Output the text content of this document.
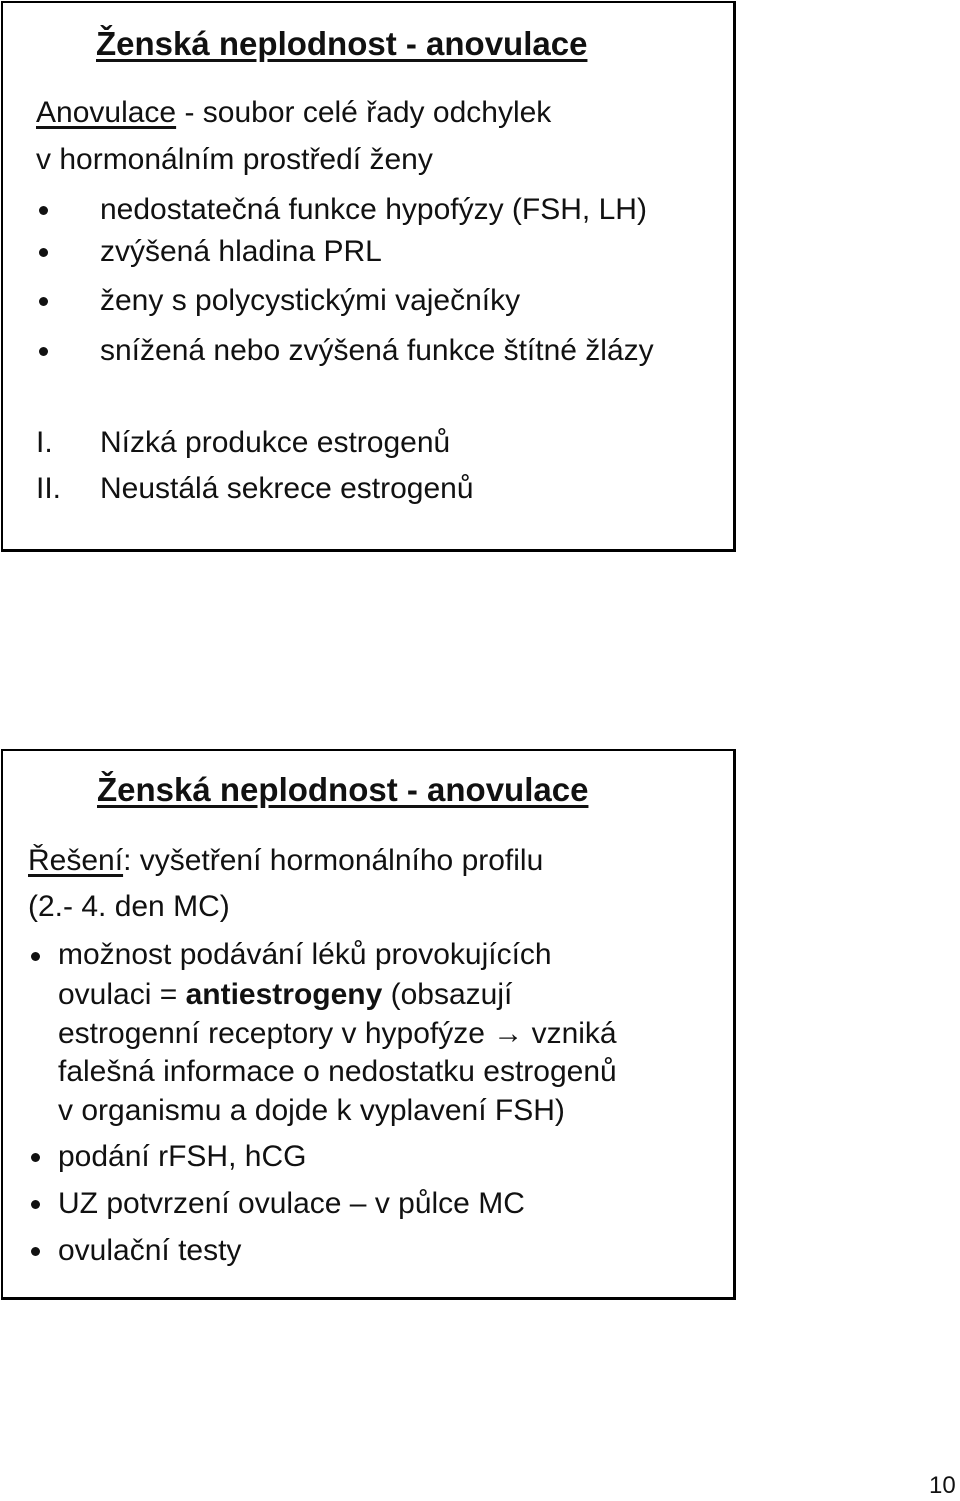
Ženská neplodnost - anovulace
Anovulace - soubor celé řady odchylek
v hormonálním prostředí ženy
nedostatečná funkce hypofýzy (FSH, LH)
zvýšená hladina PRL
ženy s polycystickými vaječníky
snížená nebo zvýšená funkce štítné žlázy
I. Nízká produkce estrogenů
II. Neustálá sekrece estrogenů
Ženská neplodnost - anovulace
Řešení: vyšetření hormonálního profilu
(2.- 4. den MC)
možnost podávání léků provokujících
ovulaci = antiestrogeny (obsazují
estrogenní receptory v hypofýze → vzniká
falešná informace o nedostatku estrogenů
v organismu a dojde k vyplavení FSH)
podání rFSH, hCG
UZ potvrzení ovulace – v půlce MC
ovulační testy
10
